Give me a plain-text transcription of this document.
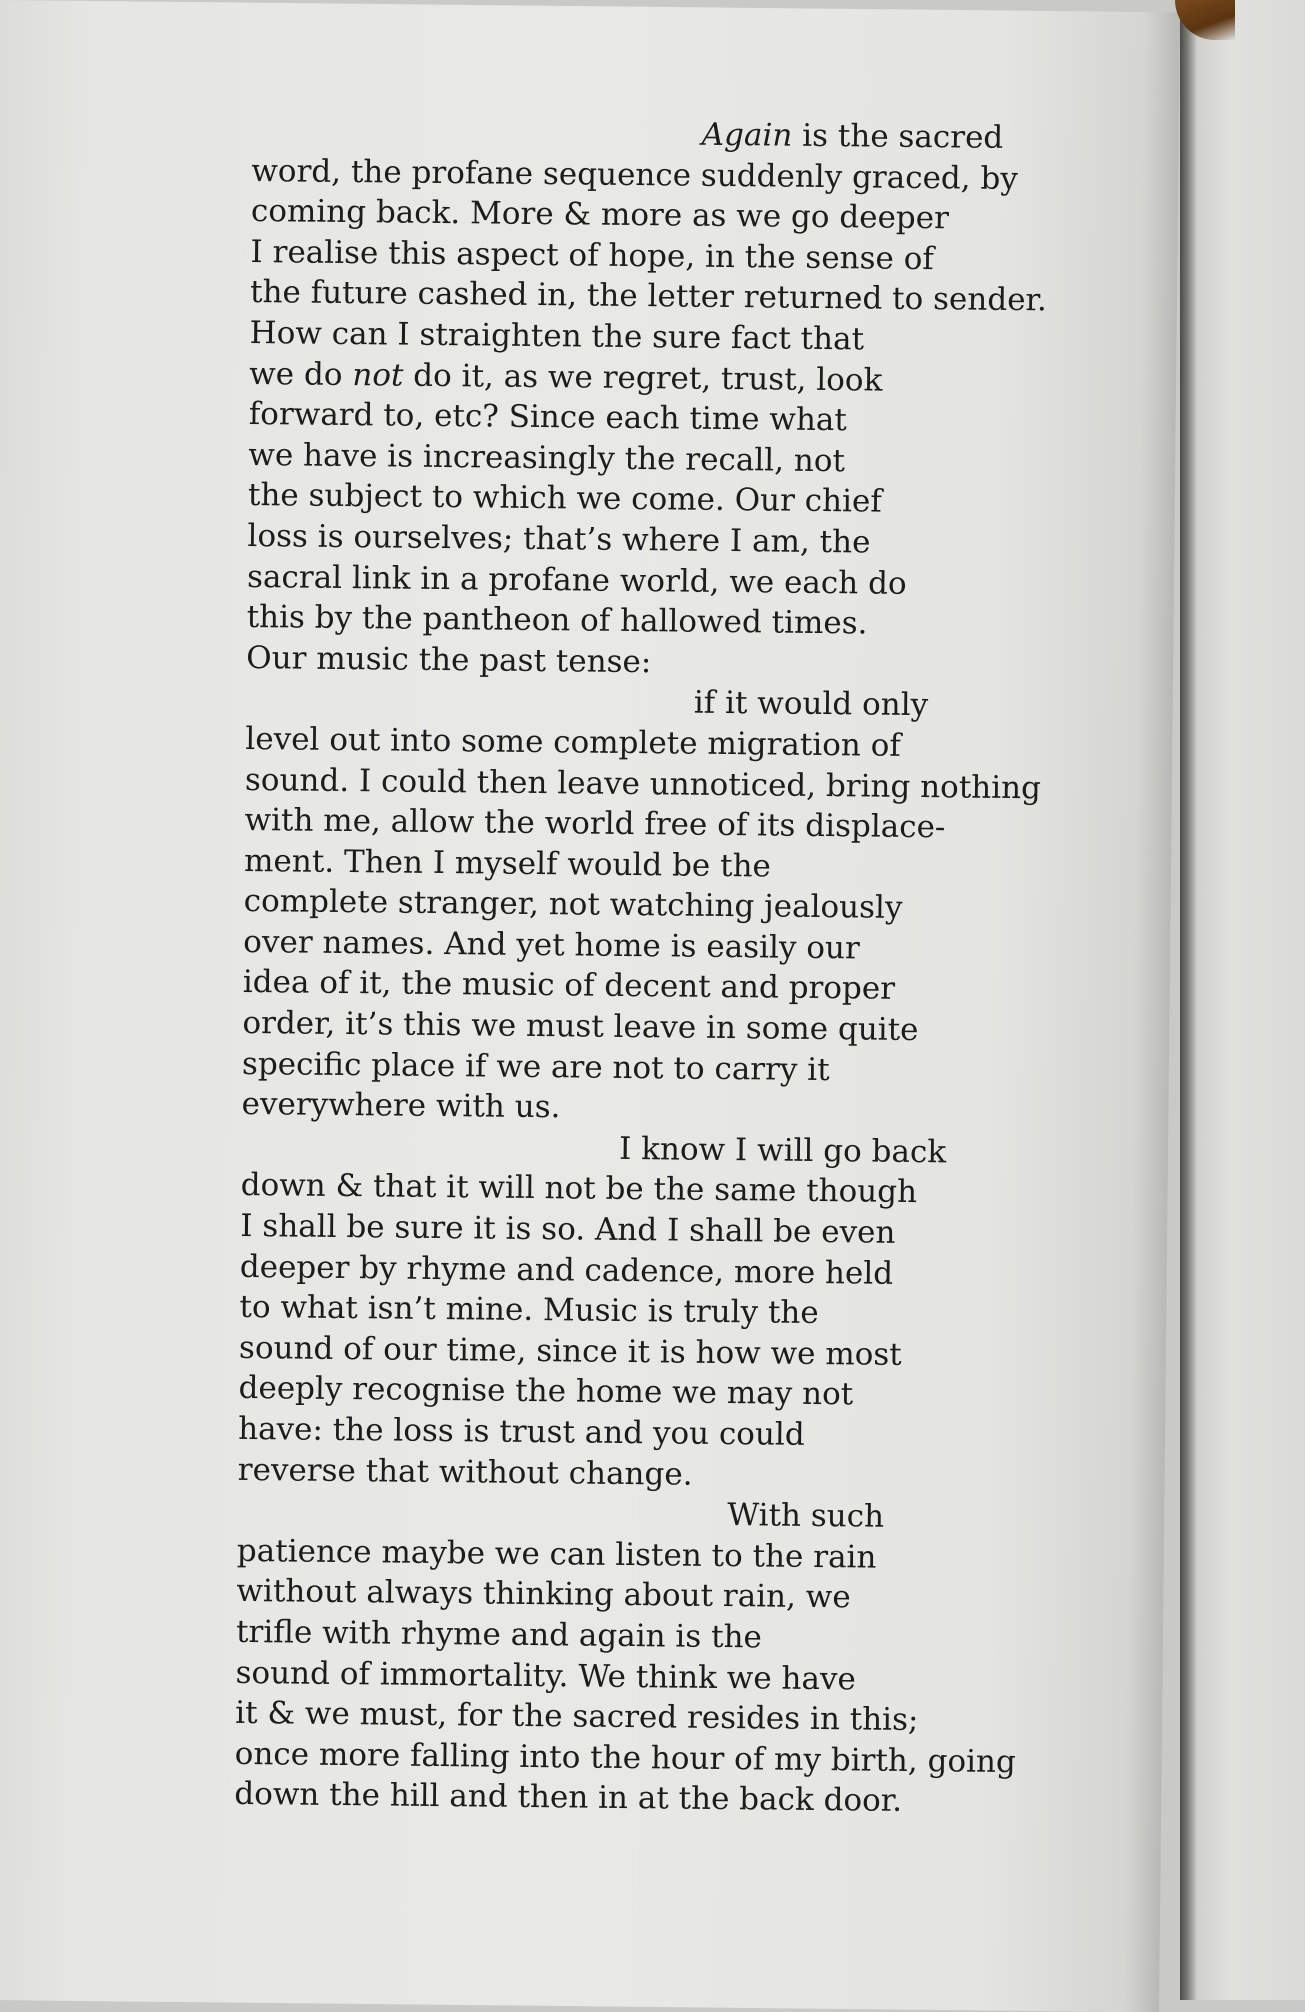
Again is the sacred
word, the profane sequence suddenly graced, by
coming back. More & more as we go deeper
I realise this aspect of hope, in the sense of
the future cashed in, the letter returned to sender.
How can I straighten the sure fact that
we do not do it, as we regret, trust, look
forward to, etc? Since each time what
we have is increasingly the recall, not
the subject to which we come. Our chief
loss is ourselves; that’s where I am, the
sacral link in a profane world, we each do
this by the pantheon of hallowed times.
Our music the past tense:
if it would only
level out into some complete migration of
sound. I could then leave unnoticed, bring nothing
with me, allow the world free of its displace-
ment. Then I myself would be the
complete stranger, not watching jealously
over names. And yet home is easily our
idea of it, the music of decent and proper
order, it’s this we must leave in some quite
specific place if we are not to carry it
everywhere with us.
I know I will go back
down & that it will not be the same though
I shall be sure it is so. And I shall be even
deeper by rhyme and cadence, more held
to what isn’t mine. Music is truly the
sound of our time, since it is how we most
deeply recognise the home we may not
have: the loss is trust and you could
reverse that without change.
With such
patience maybe we can listen to the rain
without always thinking about rain, we
trifle with rhyme and again is the
sound of immortality. We think we have
it & we must, for the sacred resides in this;
once more falling into the hour of my birth, going
down the hill and then in at the back door.
